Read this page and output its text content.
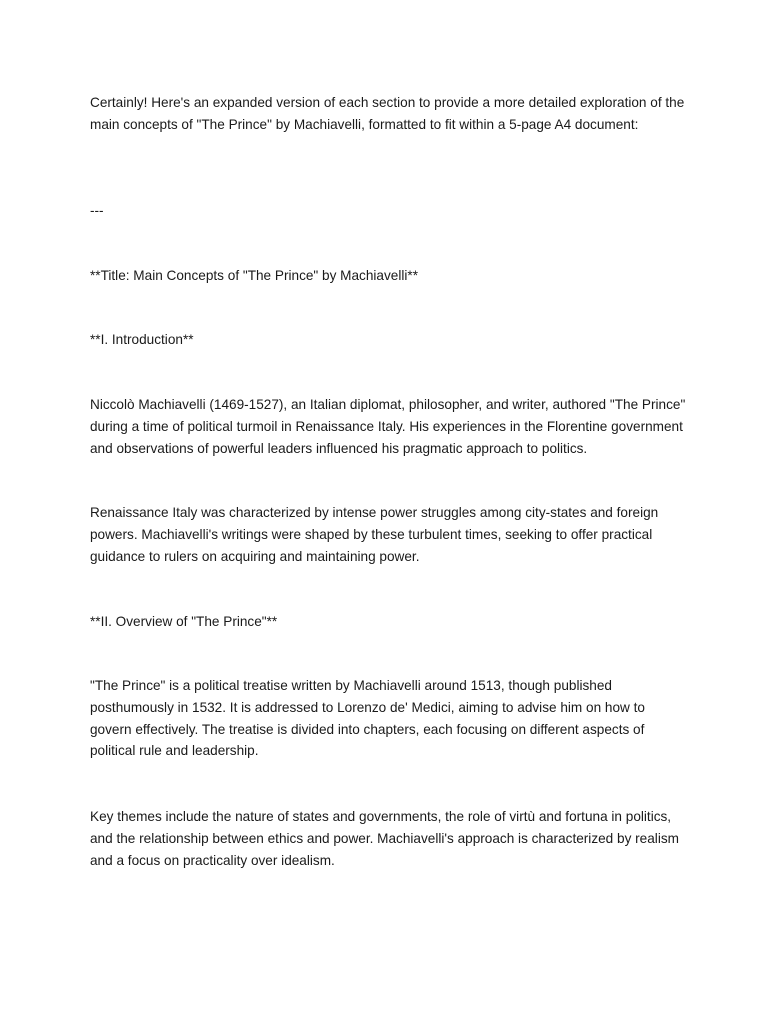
Certainly! Here's an expanded version of each section to provide a more detailed exploration of the main concepts of "The Prince" by Machiavelli, formatted to fit within a 5-page A4 document:

---

**Title: Main Concepts of "The Prince" by Machiavelli**

**I. Introduction**

Niccolò Machiavelli (1469-1527), an Italian diplomat, philosopher, and writer, authored "The Prince" during a time of political turmoil in Renaissance Italy. His experiences in the Florentine government and observations of powerful leaders influenced his pragmatic approach to politics.

Renaissance Italy was characterized by intense power struggles among city-states and foreign powers. Machiavelli's writings were shaped by these turbulent times, seeking to offer practical guidance to rulers on acquiring and maintaining power.

**II. Overview of "The Prince"**

"The Prince" is a political treatise written by Machiavelli around 1513, though published posthumously in 1532. It is addressed to Lorenzo de' Medici, aiming to advise him on how to govern effectively. The treatise is divided into chapters, each focusing on different aspects of political rule and leadership.

Key themes include the nature of states and governments, the role of virtù and fortuna in politics, and the relationship between ethics and power. Machiavelli's approach is characterized by realism and a focus on practicality over idealism.
